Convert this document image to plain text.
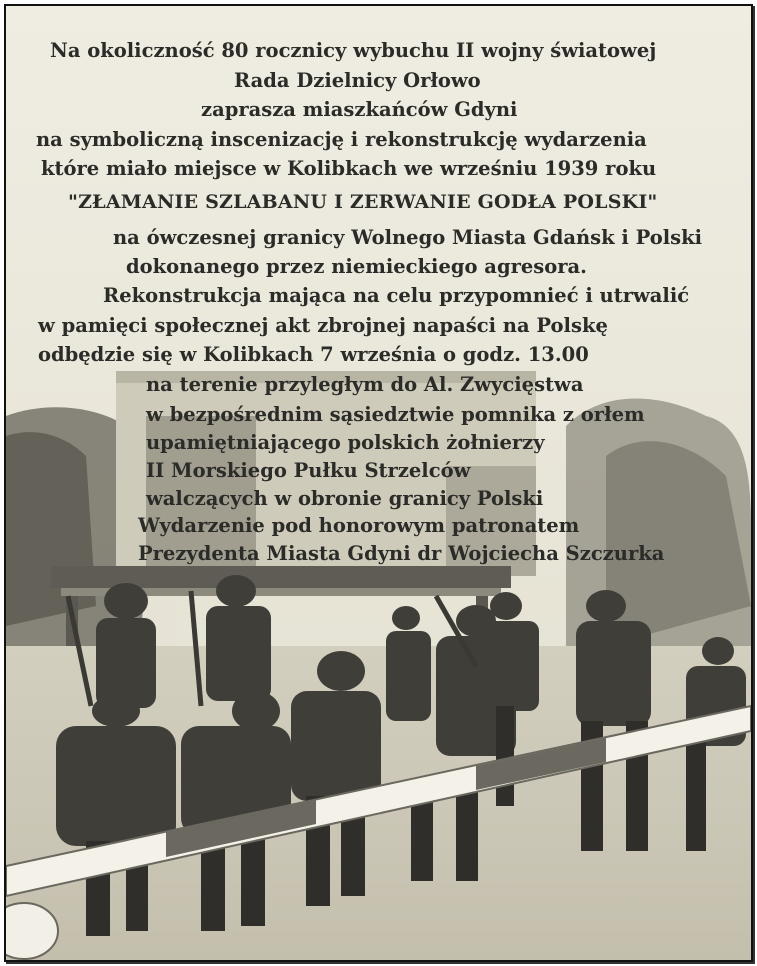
Na okoliczność 80 rocznicy wybuchu II wojny światowej
Rada Dzielnicy Orłowo
zaprasza miaszkańców Gdyni
na symboliczną inscenizację i rekonstrukcję wydarzenia
które miało miejsce w Kolibkach we wrześniu 1939 roku
"ZŁAMANIE SZLABANU I ZERWANIE GODŁA POLSKI"
na ówczesnej granicy Wolnego Miasta Gdańsk i Polski
dokonanego przez niemieckiego agresora.
Rekonstrukcja mająca na celu przypomnieć i utrwalić
w pamięci społecznej akt zbrojnej napaści na Polskę
odbędzie się w Kolibkach 7 września o godz. 13.00
na terenie przyległym do Al. Zwycięstwa
w bezpośrednim sąsiedztwie pomnika z orłem
upamiętniającego polskich żołnierzy
II Morskiego Pułku Strzelców
walczących w obronie granicy Polski
Wydarzenie pod honorowym patronatem
Prezydenta Miasta Gdyni dr Wojciecha Szczurka
